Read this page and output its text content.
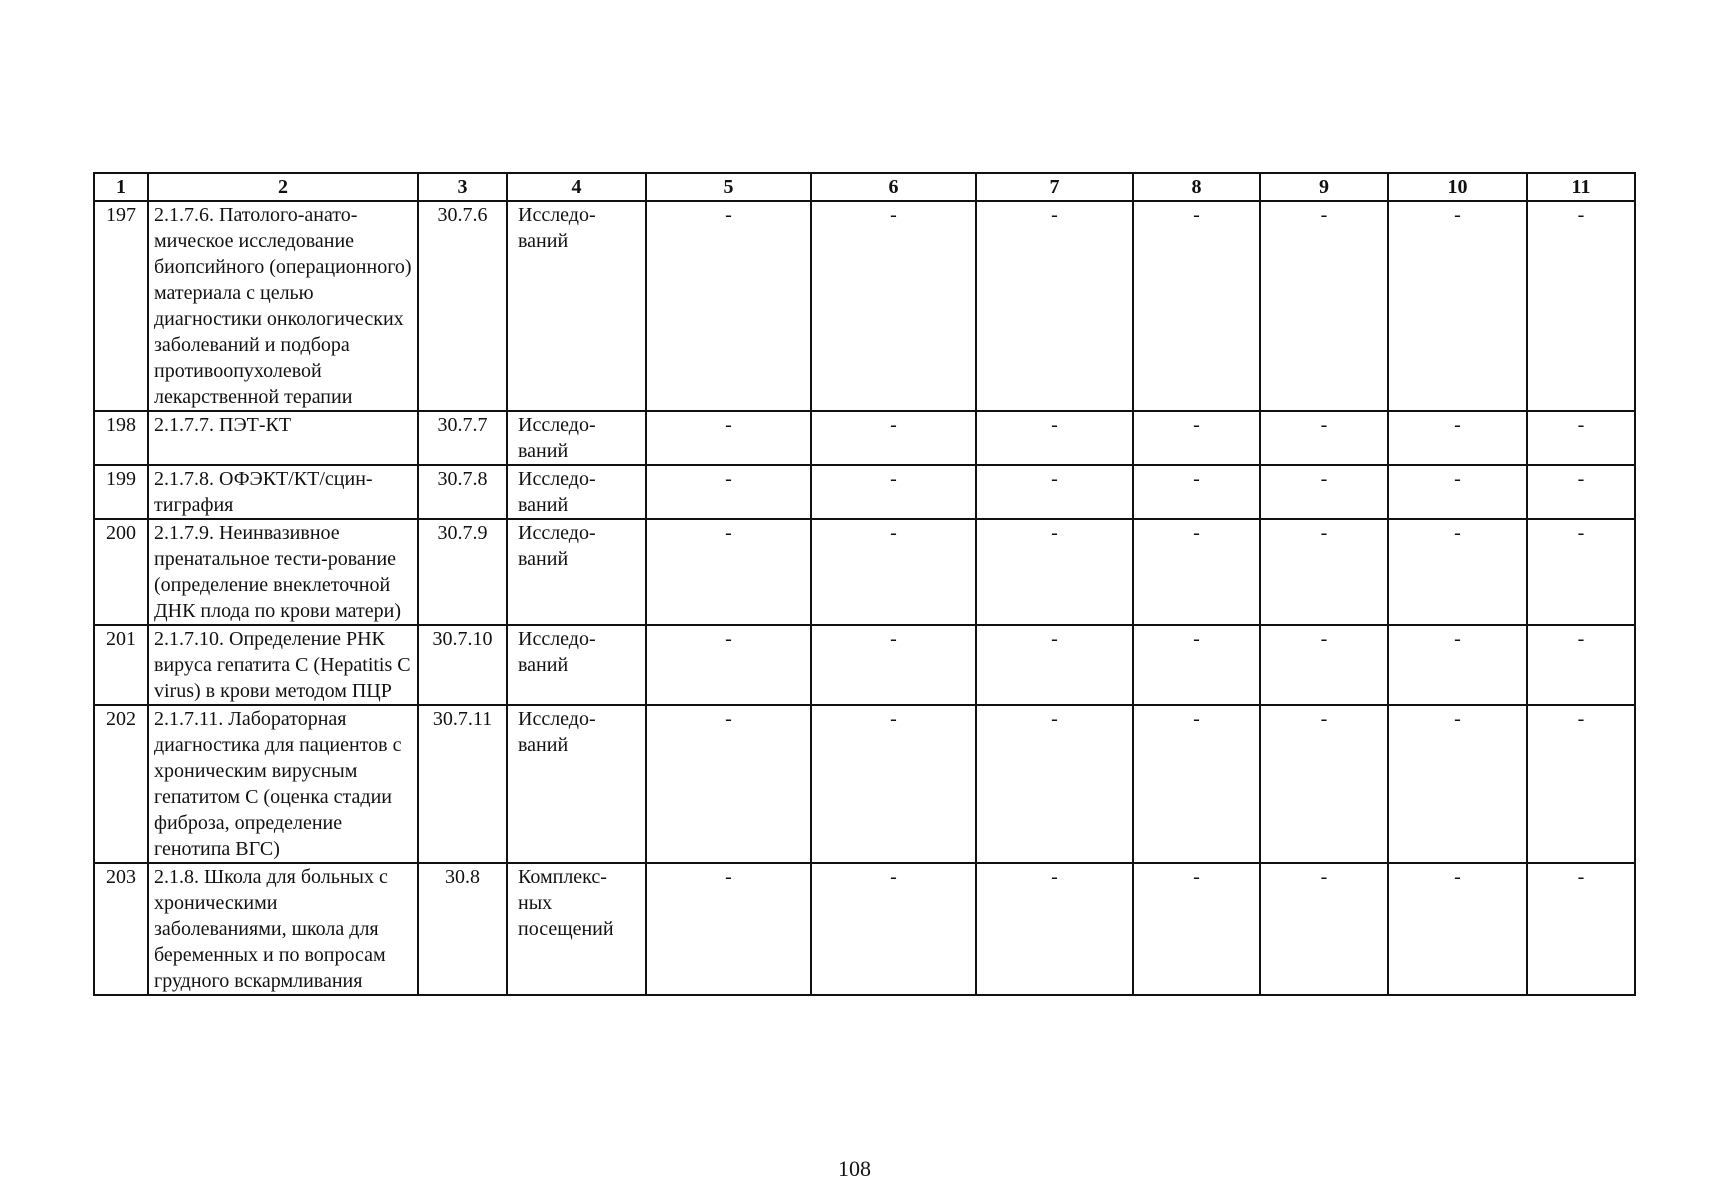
1	2	3	4	5	6	7	8	9	10	11
197	2.1.7.6. Патолого-анато-мическое исследование биопсийного (операционного) материала с целью диагностики онкологических заболеваний и подбора противоопухолевой лекарственной терапии	30.7.6	Исследо-ваний	-	-	-	-	-	-	-
198	2.1.7.7. ПЭТ-КТ	30.7.7	Исследо-ваний	-	-	-	-	-	-	-
199	2.1.7.8. ОФЭКТ/КТ/сцин-тиграфия	30.7.8	Исследо-ваний	-	-	-	-	-	-	-
200	2.1.7.9. Неинвазивное пренатальное тести-рование (определение внеклеточной ДНК плода по крови матери)	30.7.9	Исследо-ваний	-	-	-	-	-	-	-
201	2.1.7.10. Определение РНК вируса гепатита С (Hepatitis C virus) в крови методом ПЦР	30.7.10	Исследо-ваний	-	-	-	-	-	-	-
202	2.1.7.11. Лабораторная диагностика для пациентов с хроническим вирусным гепатитом С (оценка стадии фиброза, определение генотипа ВГС)	30.7.11	Исследо-ваний	-	-	-	-	-	-	-
203	2.1.8. Школа для больных с хроническими заболеваниями, школа для беременных и по вопросам грудного вскармливания	30.8	Комплекс-ных посещений	-	-	-	-	-	-	-
108
